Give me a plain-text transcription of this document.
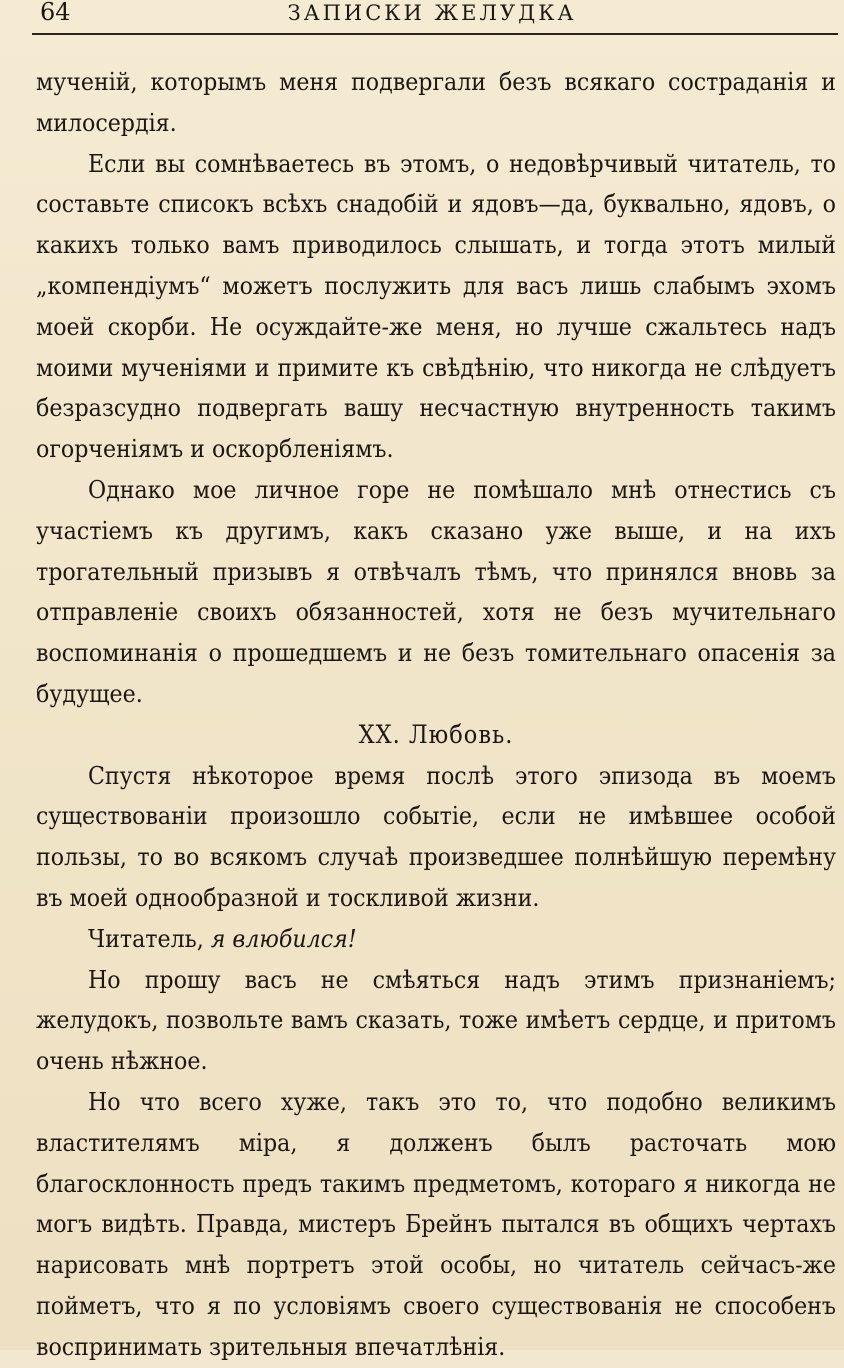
64	ЗАПИСКИ ЖЕЛУДКА

мученій, которымъ меня подвергали безъ всякаго состраданія и милосердія.

Если вы сомнѣваетесь въ этомъ, о недовѣрчивый читатель, то составьте списокъ всѣхъ снадобій и ядовъ—да, буквально, ядовъ, о какихъ только вамъ приводилось слышать, и тогда этотъ милый „компендіумъ“ можетъ послужить для васъ лишь слабымъ эхомъ моей скорби. Не осуждайте-же меня, но лучше сжальтесь надъ моими мученіями и примите къ свѣдѣнію, что никогда не слѣдуетъ безразсудно подвергать вашу несчастную внутренность такимъ огорченіямъ и оскорбленіямъ.

Однако мое личное горе не помѣшало мнѣ отнестись съ участіемъ къ другимъ, какъ сказано уже выше, и на ихъ трогательный призывъ я отвѣчалъ тѣмъ, что принялся вновь за отправленіе своихъ обязанностей, хотя не безъ мучительнаго воспоминанія о прошедшемъ и не безъ томительнаго опасенія за будущее.

XX. Любовь.

Спустя нѣкоторое время послѣ этого эпизода въ моемъ существованіи произошло событіе, если не имѣвшее особой пользы, то во всякомъ случаѣ произведшее полнѣйшую перемѣну въ моей однообразной и тоскливой жизни.

Читатель, я влюбился!

Но прошу васъ не смѣяться надъ этимъ признаніемъ; желудокъ, позвольте вамъ сказать, тоже имѣетъ сердце, и притомъ очень нѣжное.

Но что всего хуже, такъ это то, что подобно великимъ властителямъ міра, я долженъ былъ расточать мою благосклонность предъ такимъ предметомъ, котораго я никогда не могъ видѣть. Правда, мистеръ Брейнъ пытался въ общихъ чертахъ нарисовать мнѣ портретъ этой особы, но читатель сейчасъ-же пойметъ, что я по условіямъ своего существованія не способенъ воспринимать зрительныя впечатлѣнія.
